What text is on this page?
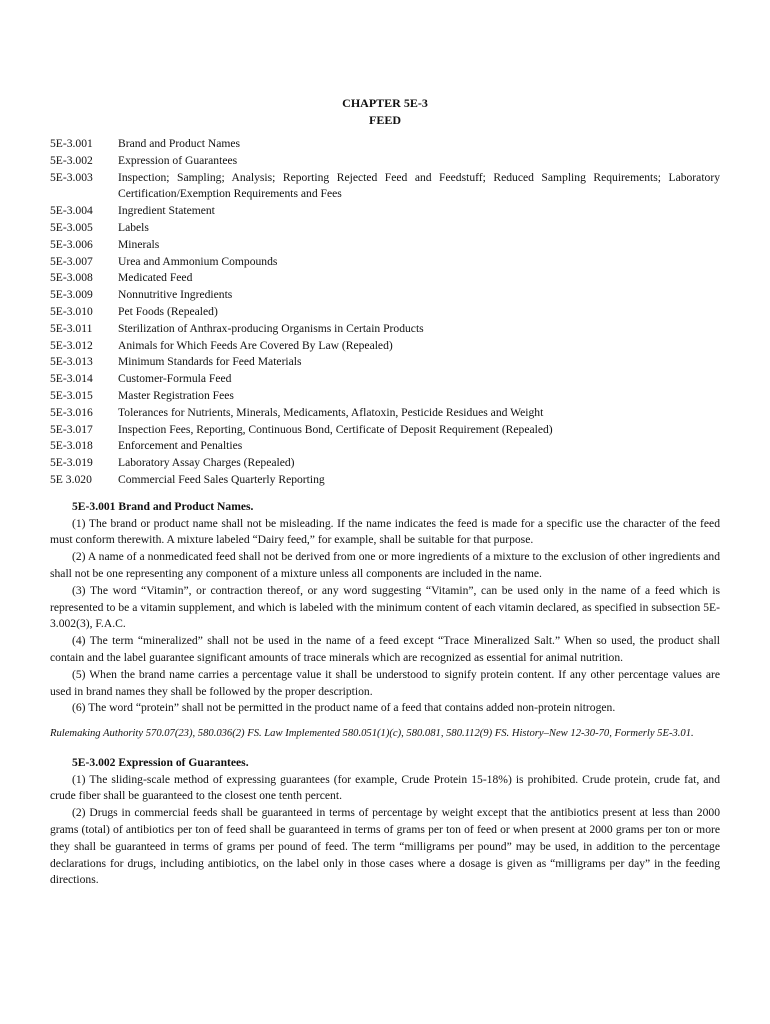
CHAPTER 5E-3
FEED
5E-3.001	Brand and Product Names
5E-3.002	Expression of Guarantees
5E-3.003	Inspection; Sampling; Analysis; Reporting Rejected Feed and Feedstuff; Reduced Sampling Requirements; Laboratory Certification/Exemption Requirements and Fees
5E-3.004	Ingredient Statement
5E-3.005	Labels
5E-3.006	Minerals
5E-3.007	Urea and Ammonium Compounds
5E-3.008	Medicated Feed
5E-3.009	Nonnutritive Ingredients
5E-3.010	Pet Foods (Repealed)
5E-3.011	Sterilization of Anthrax-producing Organisms in Certain Products
5E-3.012	Animals for Which Feeds Are Covered By Law (Repealed)
5E-3.013	Minimum Standards for Feed Materials
5E-3.014	Customer-Formula Feed
5E-3.015	Master Registration Fees
5E-3.016	Tolerances for Nutrients, Minerals, Medicaments, Aflatoxin, Pesticide Residues and Weight
5E-3.017	Inspection Fees, Reporting, Continuous Bond, Certificate of Deposit Requirement (Repealed)
5E-3.018	Enforcement and Penalties
5E-3.019	Laboratory Assay Charges (Repealed)
5E 3.020	Commercial Feed Sales Quarterly Reporting
5E-3.001 Brand and Product Names.
(1) The brand or product name shall not be misleading. If the name indicates the feed is made for a specific use the character of the feed must conform therewith. A mixture labeled “Dairy feed,” for example, shall be suitable for that purpose.
(2) A name of a nonmedicated feed shall not be derived from one or more ingredients of a mixture to the exclusion of other ingredients and shall not be one representing any component of a mixture unless all components are included in the name.
(3) The word “Vitamin”, or contraction thereof, or any word suggesting “Vitamin”, can be used only in the name of a feed which is represented to be a vitamin supplement, and which is labeled with the minimum content of each vitamin declared, as specified in subsection 5E-3.002(3), F.A.C.
(4) The term “mineralized” shall not be used in the name of a feed except “Trace Mineralized Salt.” When so used, the product shall contain and the label guarantee significant amounts of trace minerals which are recognized as essential for animal nutrition.
(5) When the brand name carries a percentage value it shall be understood to signify protein content. If any other percentage values are used in brand names they shall be followed by the proper description.
(6) The word “protein” shall not be permitted in the product name of a feed that contains added non-protein nitrogen.
Rulemaking Authority 570.07(23), 580.036(2) FS. Law Implemented 580.051(1)(c), 580.081, 580.112(9) FS. History–New 12-30-70, Formerly 5E-3.01.
5E-3.002 Expression of Guarantees.
(1) The sliding-scale method of expressing guarantees (for example, Crude Protein 15-18%) is prohibited. Crude protein, crude fat, and crude fiber shall be guaranteed to the closest one tenth percent.
(2) Drugs in commercial feeds shall be guaranteed in terms of percentage by weight except that the antibiotics present at less than 2000 grams (total) of antibiotics per ton of feed shall be guaranteed in terms of grams per ton of feed or when present at 2000 grams per ton or more they shall be guaranteed in terms of grams per pound of feed. The term “milligrams per pound” may be used, in addition to the percentage declarations for drugs, including antibiotics, on the label only in those cases where a dosage is given as “milligrams per day” in the feeding directions.
